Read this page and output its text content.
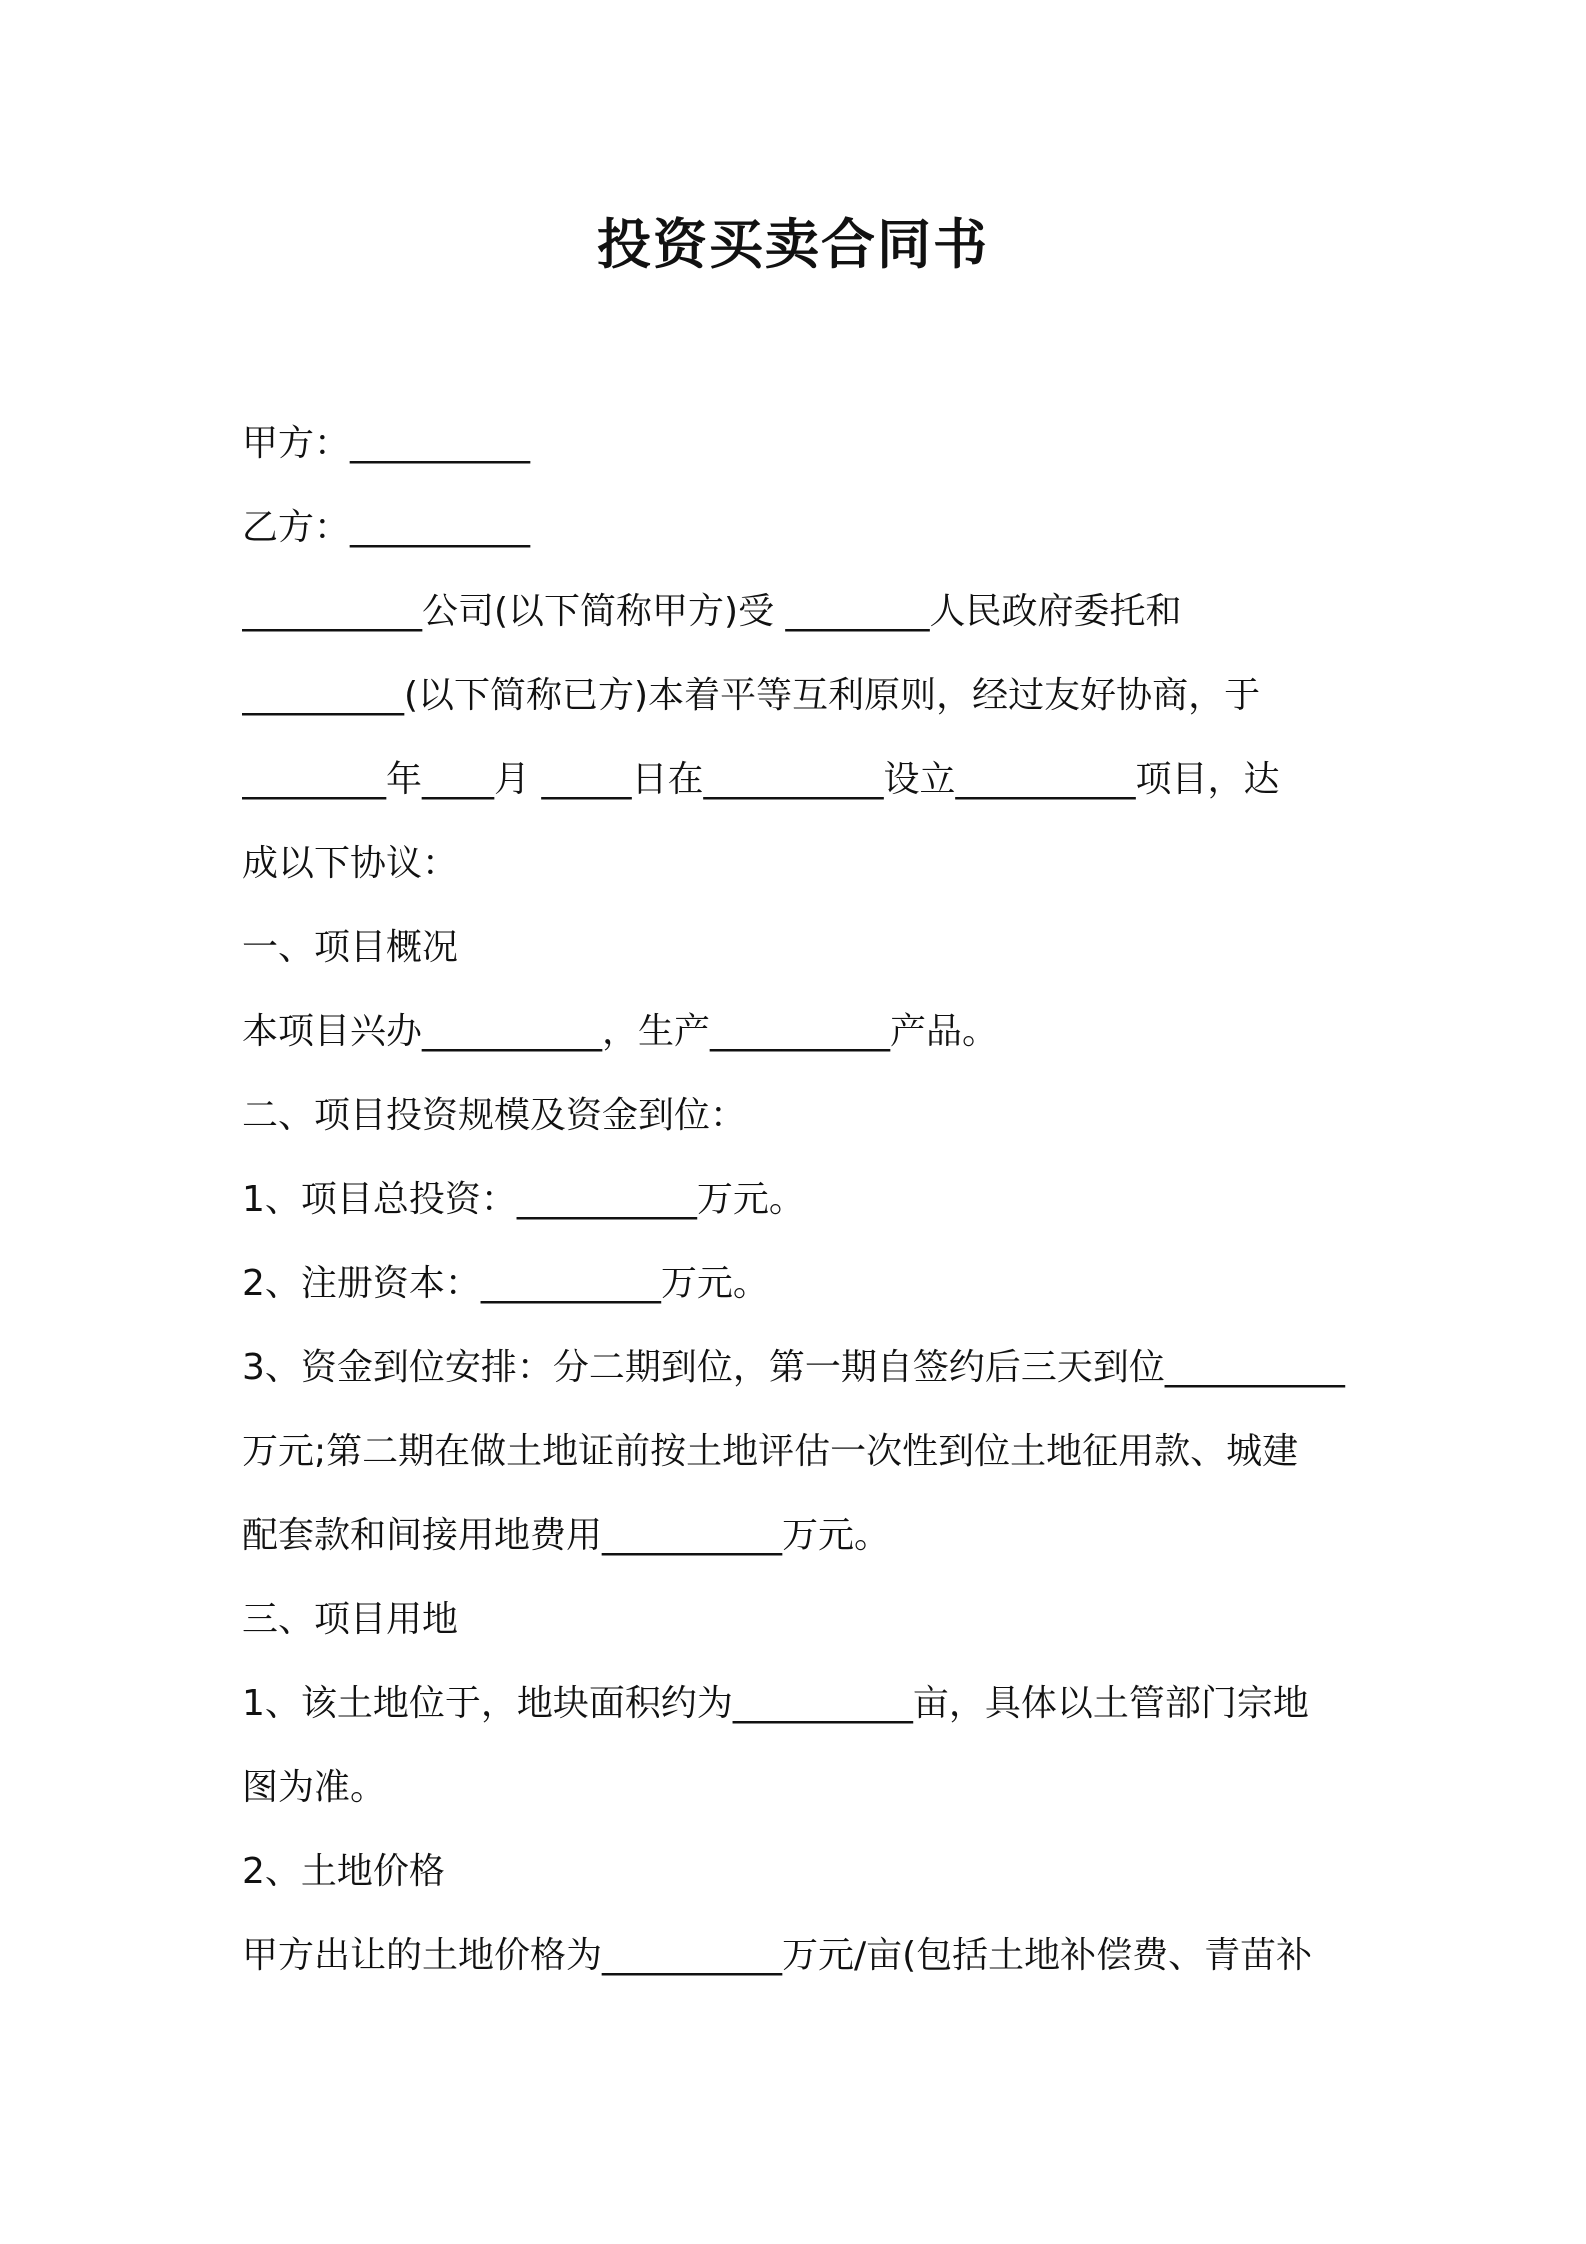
投资买卖合同书
甲方：__________
乙方：__________
__________公司(以下简称甲方)受 ________人民政府委托和
_________(以下简称已方)本着平等互利原则，经过友好协商，于
________年____月 _____日在__________设立__________项目，达
成以下协议：
一、项目概况
本项目兴办__________，生产__________产品。
二、项目投资规模及资金到位：
1、项目总投资：__________万元。
2、注册资本：__________万元。
3、资金到位安排：分二期到位，第一期自签约后三天到位__________
万元;第二期在做土地证前按土地评估一次性到位土地征用款、城建
配套款和间接用地费用__________万元。
三、项目用地
1、该土地位于，地块面积约为__________亩，具体以土管部门宗地
图为准。
2、土地价格
甲方出让的土地价格为__________万元/亩(包括土地补偿费、青苗补
